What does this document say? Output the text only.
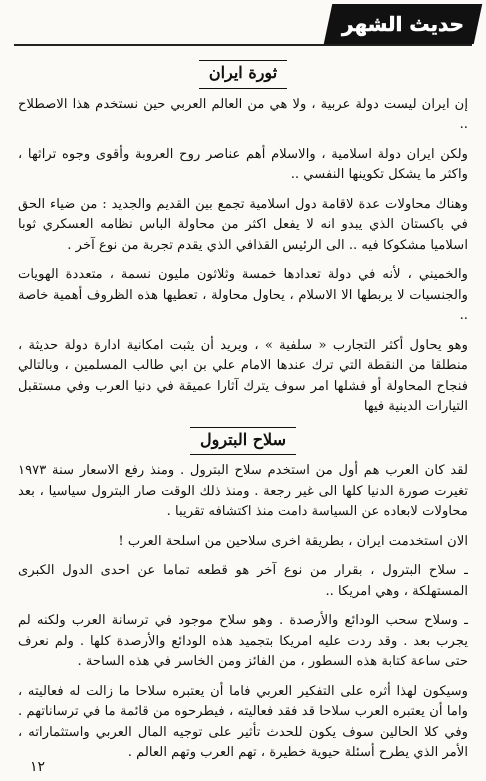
حديث الشهر
ثورة ايران

إن ايران ليست دولة عربية ، ولا هي من العالم العربي حين نستخدم هذا الاصطلاح ..

ولكن ايران دولة اسلامية ، والاسلام أهم عناصر روح العروبة وأقوى وجوه تراثها ، واكثر ما يشكل تكوينها النفسي ..

وهناك محاولات عدة لاقامة دول اسلامية تجمع بين القديم والجديد : من ضياء الحق في باكستان الذي يبدو انه لا يفعل اكثر من محاولة الباس نظامه العسكري ثوبا اسلاميا مشكوكا فيه .. الى الرئيس القذافي الذي يقدم تجربة من نوع آخر .

والخميني ، لأنه في دولة تعدادها خمسة وثلاثون مليون نسمة ، متعددة الهويات والجنسيات لا يربطها الا الاسلام ، يحاول محاولة ، تعطيها هذه الظروف أهمية خاصة ..

وهو يحاول أكثر التجارب « سلفية » ، ويريد أن يثبت امكانية ادارة دولة حديثة ، منطلقا من النقطة التي ترك عندها الامام علي بن ابي طالب المسلمين ، وبالتالي فنجاح المحاولة أو فشلها امر سوف يترك آثارا عميقة في دنيا العرب وفي مستقبل التيارات الدينية فيها

سلاح البترول

لقد كان العرب هم أول من استخدم سلاح البترول . ومنذ رفع الاسعار سنة ١٩٧٣ تغيرت صورة الدنيا كلها الى غير رجعة . ومنذ ذلك الوقت صار البترول سياسيا ، بعد محاولات لابعاده عن السياسة دامت منذ اكتشافه تقريبا .

الان استخدمت ايران ، بطريقة اخرى سلاحين من اسلحة العرب !

ـ سلاح البترول ، بقرار من نوع آخر هو قطعه تماما عن احدى الدول الكبرى المستهلكة ، وهي امريكا ..

ـ وسلاح سحب الودائع والأرصدة . وهو سلاح موجود في ترسانة العرب ولكنه لم يجرب بعد . وقد ردت عليه امريكا بتجميد هذه الودائع والأرصدة كلها . ولم نعرف حتى ساعة كتابة هذه السطور ، من الفائز ومن الخاسر في هذه الساحة .

وسيكون لهذا أثره على التفكير العربي فاما أن يعتبره سلاحا ما زالت له فعاليته ، واما أن يعتبره العرب سلاحا قد فقد فعاليته ، فيطرحوه من قائمة ما في ترساناتهم . وفي كلا الحالين سوف يكون للحدث تأثير على توجيه المال العربي واستثماراته ، الأمر الذي يطرح أسئلة حيوية خطيرة ، تهم العرب وتهم العالم .

١٢
